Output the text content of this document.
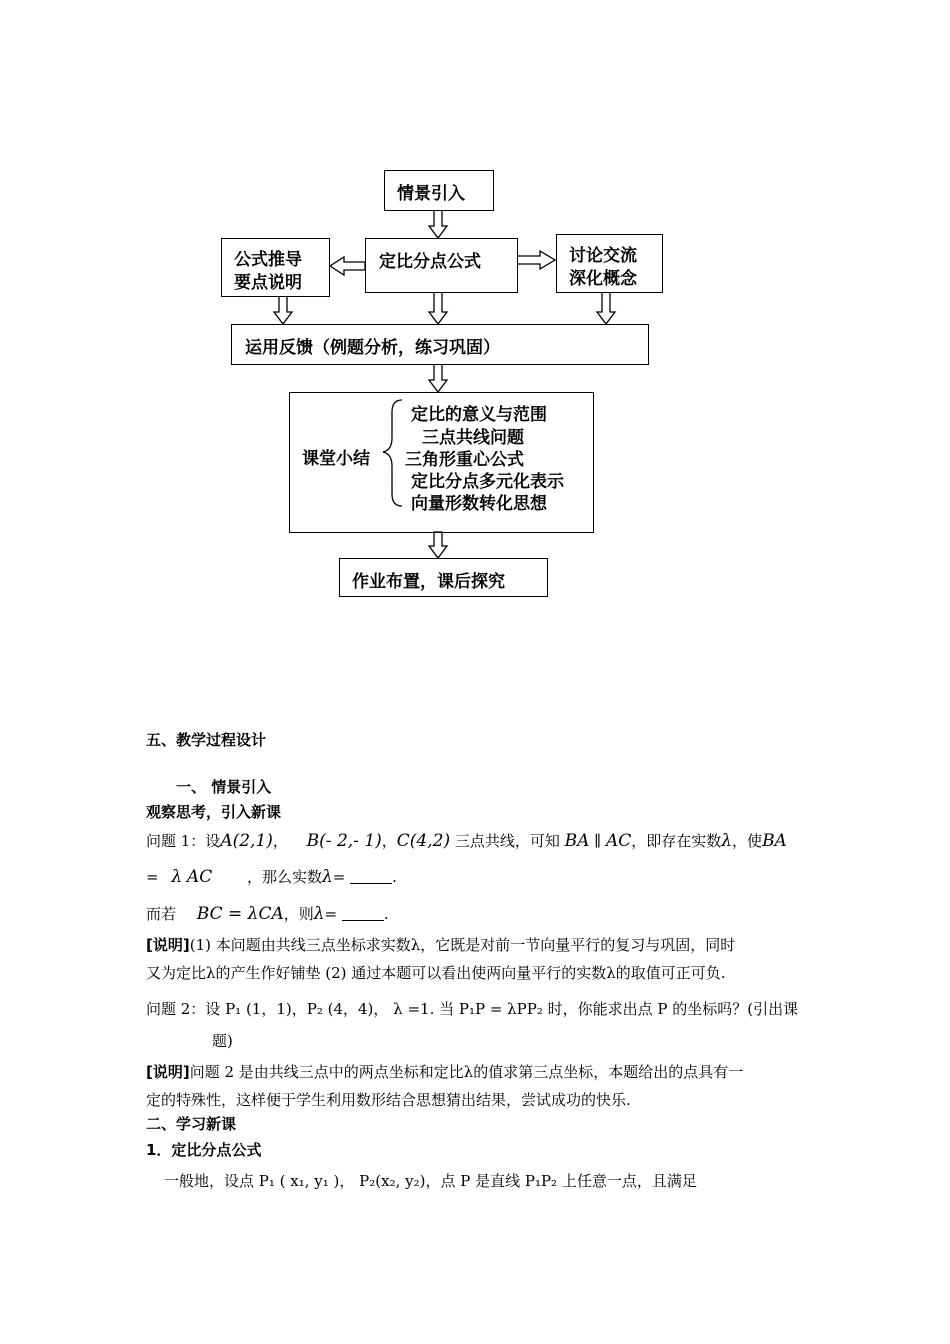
情景引入
定比分点公式
公式推导
要点说明
讨论交流
深化概念
运用反馈（例题分析，练习巩固）
课堂小结
定比的意义与范围
三点共线问题
三角形重心公式
定比分点多元化表示
向量形数转化思想
作业布置，课后探究
五、教学过程设计
一、 情景引入
观察思考，引入新课
问题 1：设A(2,1)， B(- 2,- 1)，C(4,2) 三点共线，可知 BA ∥ AC，即存在实数λ，使BA
= λ AC ，那么实数λ=	.
而若 BC = λCA，则λ=	.
[说明](1) 本问题由共线三点坐标求实数λ，它既是对前一节向量平行的复习与巩固，同时
又为定比λ的产生作好铺垫 (2) 通过本题可以看出使两向量平行的实数λ的取值可正可负.
问题 2：设 P₁ (1，1)，P₂ (4，4)， λ =1. 当 P₁P = λPP₂ 时，你能求出点 P 的坐标吗？(引出课
题)
[说明]问题 2 是由共线三点中的两点坐标和定比λ的值求第三点坐标，本题给出的点具有一
定的特殊性，这样便于学生利用数形结合思想猜出结果，尝试成功的快乐.
二、学习新课
1．定比分点公式
一般地，设点 P₁ ( x₁, y₁ )， P₂(x₂, y₂)，点 P 是直线 P₁P₂ 上任意一点，且满足
